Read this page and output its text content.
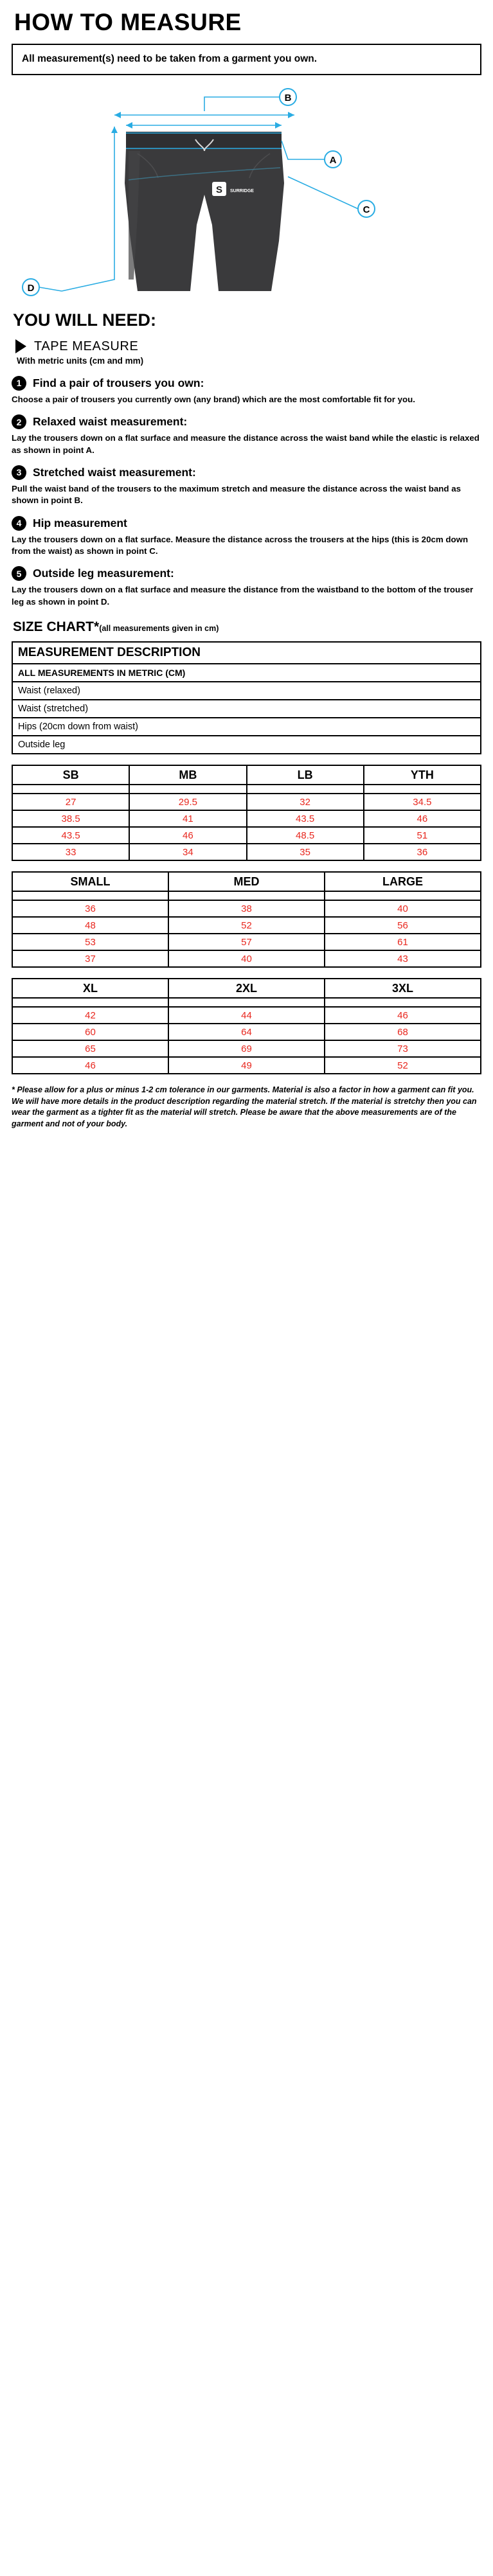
HOW TO MEASURE
All measurement(s) need to be taken from a garment you own.
B
S SURRIDGE
A
C
D
YOU WILL NEED:
TAPE MEASURE
With metric units (cm and mm)
1	Find a pair of trousers you own:
Choose a pair of trousers you currently own (any brand) which are the most comfortable fit for you.
2	Relaxed waist measurement:
Lay the trousers down on a flat surface and measure the distance across the waist band while the elastic is relaxed as shown in point A.
3	Stretched waist measurement:
Pull the waist band of the trousers to the maximum stretch and measure the distance across the waist band as shown in point B.
4	Hip measurement
Lay the trousers down on a flat surface. Measure the distance across the trousers at the hips (this is 20cm down from the waist) as shown in point C.
5	Outside leg measurement:
Lay the trousers down on a flat surface and measure the distance from the waistband to the bottom of the trouser leg as shown in point D.
SIZE CHART*(all measurements given in cm)
MEASUREMENT DESCRIPTION
ALL MEASUREMENTS IN METRIC (CM)
Waist (relaxed)
Waist (stretched)
Hips (20cm down from waist)
Outside leg
SB	MB	LB	YTH

27	29.5	32	34.5
38.5	41	43.5	46
43.5	46	48.5	51
33	34	35	36
SMALL	MED	LARGE

36	38	40
48	52	56
53	57	61
37	40	43
XL	2XL	3XL

42	44	46
60	64	68
65	69	73
46	49	52
* Please allow for a plus or minus 1-2 cm tolerance in our garments. Material is also a factor in how a garment can fit you. We will have more details in the product description regarding the material stretch. If the material is stretchy then you can wear the garment as a tighter fit as the material will stretch. Please be aware that the above measurements are of the garment and not of your body.
